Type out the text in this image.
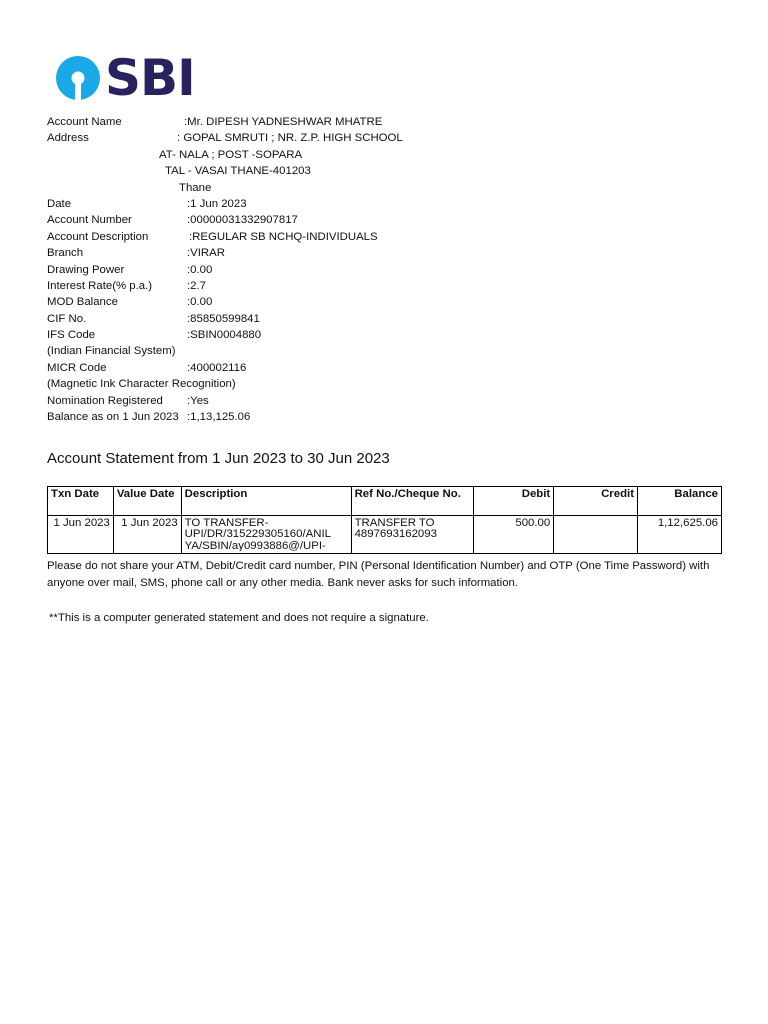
SBI
Account Name	:Mr. DIPESH YADNESHWAR MHATRE
Address	: GOPAL SMRUTI ; NR. Z.P. HIGH SCHOOL
AT- NALA ; POST -SOPARA
TAL - VASAI THANE-401203
Thane
Date	:1 Jun 2023
Account Number	:00000031332907817
Account Description	:REGULAR SB NCHQ-INDIVIDUALS
Branch	:VIRAR
Drawing Power	:0.00
Interest Rate(% p.a.)	:2.7
MOD Balance	:0.00
CIF No.	:85850599841
IFS Code	:SBIN0004880
(Indian Financial System)
MICR Code	:400002116
(Magnetic Ink Character Recognition)
Nomination Registered :Yes
Balance as on 1 Jun 2023 :1,13,125.06
Account Statement from 1 Jun 2023 to 30 Jun 2023
Txn Date	Value Date	Description	Ref No./Cheque No.	Debit	Credit	Balance
1 Jun 2023	1 Jun 2023	TO TRANSFER- UPI/DR/315229305160/ANIL YA/SBIN/ay0993886@/UPI-	TRANSFER TO 4897693162093	500.00		1,12,625.06
Please do not share your ATM, Debit/Credit card number, PIN (Personal Identification Number) and OTP (One Time Password) with anyone over mail, SMS, phone call or any other media. Bank never asks for such information.
**This is a computer generated statement and does not require a signature.
